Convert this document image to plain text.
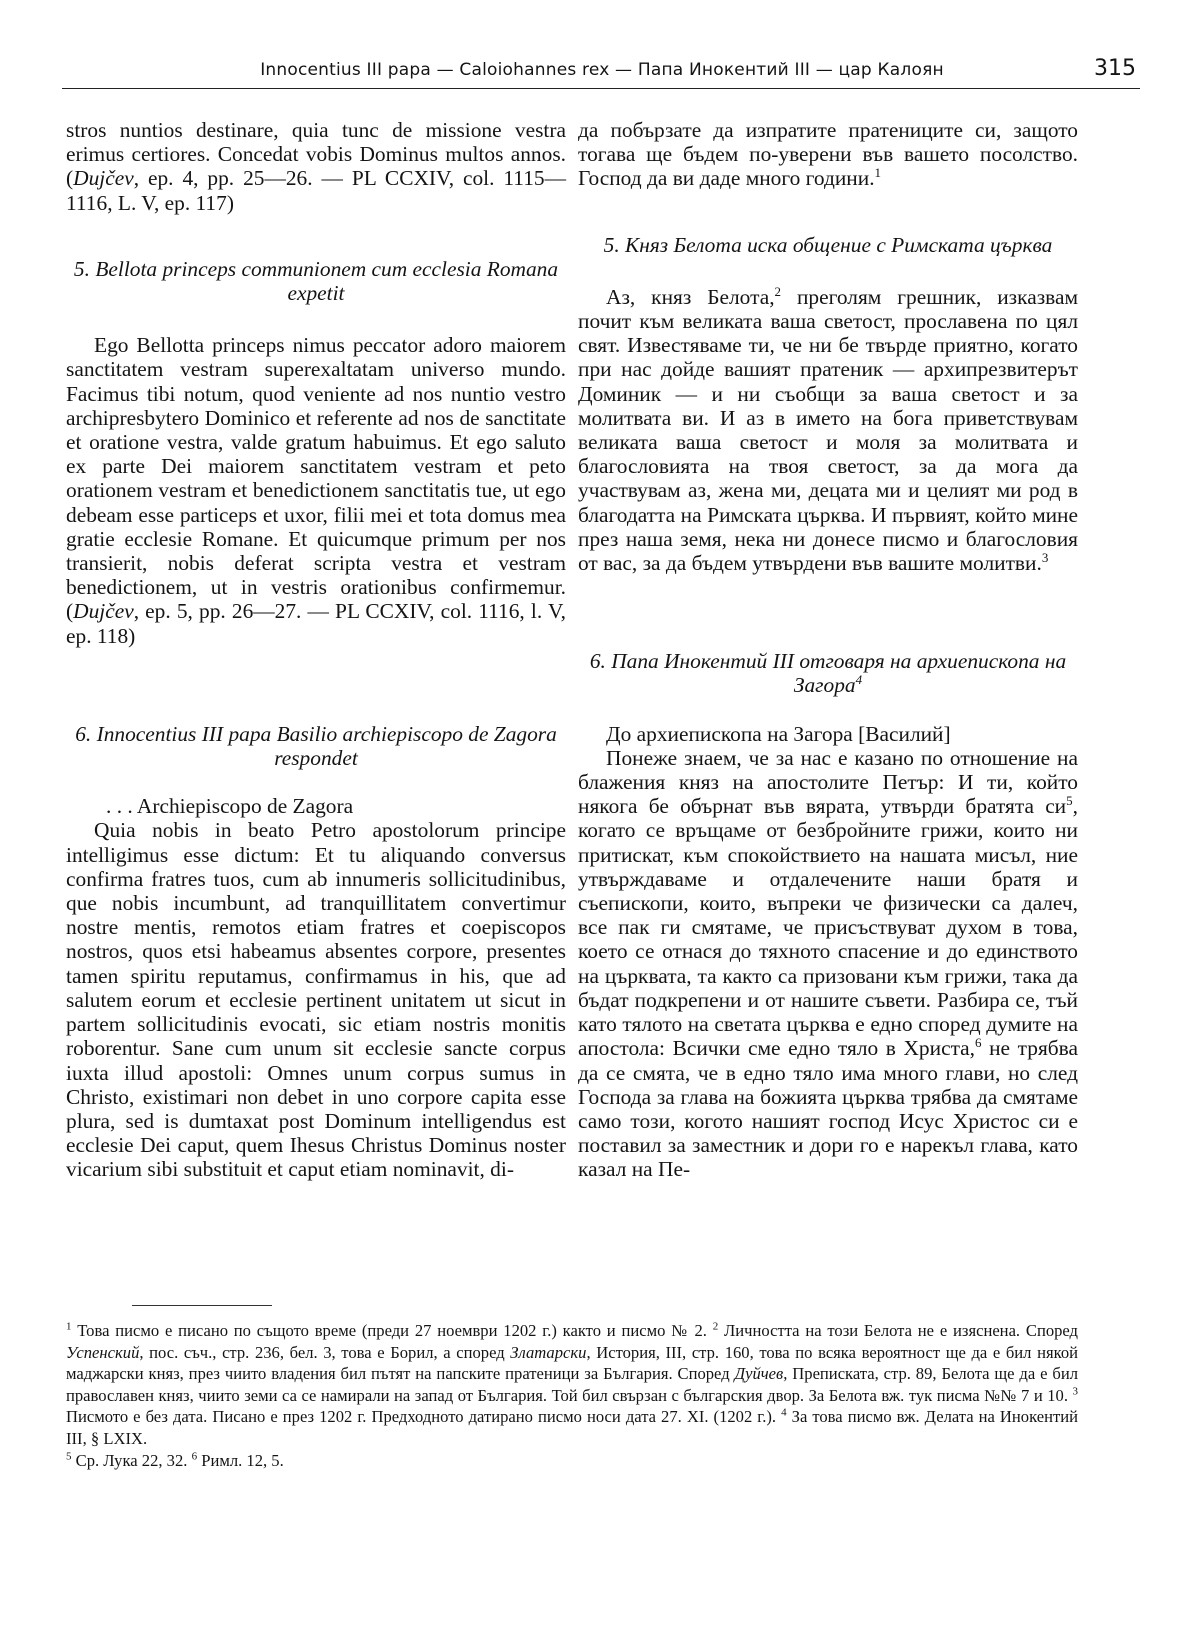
Innocentius III papa — Caloiohannes rex — Папа Инокентий III — цар Калоян	315

stros nuntios destinare, quia tunc de missione vestra erimus certiores. Concedat vobis Dominus multos annos. (Dujčev, ep. 4, pp. 25—26. — PL CCXIV, col. 1115—1116, L. V, ep. 117)

5. Bellota princeps communionem cum ecclesia Romana expetit

Ego Bellotta princeps nimus peccator adoro maiorem sanctitatem vestram superexaltatam universo mundo. Facimus tibi notum, quod veniente ad nos nuntio vestro archipresbytero Dominico et referente ad nos de sanctitate et oratione vestra, valde gratum habuimus. Et ego saluto ex parte Dei maiorem sanctitatem vestram et peto orationem vestram et benedictionem sanctitatis tue, ut ego debeam esse particeps et uxor, filii mei et tota domus mea gratie ecclesie Romane. Et quicumque primum per nos transierit, nobis deferat scripta vestra et vestram benedictionem, ut in vestris orationibus confirmemur. (Dujčev, ep. 5, pp. 26—27. — PL CCXIV, col. 1116, l. V, ep. 118)

6. Innocentius III papa Basilio archiepiscopo de Zagora respondet

. . . Archiepiscopo de Zagora

Quia nobis in beato Petro apostolorum principe intelligimus esse dictum: Et tu aliquando conversus confirma fratres tuos, cum ab innumeris sollicitudinibus, que nobis incumbunt, ad tranquillitatem convertimur nostre mentis, remotos etiam fratres et coepiscopos nostros, quos etsi habeamus absentes corpore, presentes tamen spiritu reputamus, confirmamus in his, que ad salutem eorum et ecclesie pertinent unitatem ut sicut in partem sollicitudinis evocati, sic etiam nostris monitis roborentur. Sane cum unum sit ecclesie sancte corpus iuxta illud apostoli: Omnes unum corpus sumus in Christo, existimari non debet in uno corpore capita esse plura, sed is dumtaxat post Dominum intelligendus est ecclesie Dei caput, quem Ihesus Christus Dominus noster vicarium sibi substituit et caput etiam nominavit, di-

да побързате да изпратите пратениците си, защото тогава ще бъдем по-уверени във вашето посолство. Господ да ви даде много години.$^1$

5. Княз Белота иска общение с Римската църква

Аз, княз Белота,$^2$ преголям грешник, изказвам почит към великата ваша светост, прославена по цял свят. Известяваме ти, че ни бе твърде приятно, когато при нас дойде вашият пратеник — архипрезвитерът Доминик — и ни съобщи за ваша светост и за молитвата ви. И аз в името на бога приветствувам великата ваша светост и моля за молитвата и благословията на твоя светост, за да мога да участвувам аз, жена ми, децата ми и целият ми род в благодатта на Римската църква. И първият, който мине през наша земя, нека ни донесе писмо и благословия от вас, за да бъдем утвърдени във вашите молитви.$^3$

6. Папа Инокентий III отговаря на архиепископа на Загора$^4$

До архиепископа на Загора [Василий]

Понеже знаем, че за нас е казано по отношение на блажения княз на апостолите Петър: И ти, който някога бе обърнат във вярата, утвърди братята $си^5$, когато се връщаме от безбройните грижи, които ни притискат, към спокойствието на нашата мисъл, ние утвърждаваме и отдалечените наши братя и съепископи, които, въпреки че физически са далеч, все пак ги смятаме, че присъствуват духом в това, което се отнася до тяхното спасение и до единството на църквата, та както са призовани към грижи, така да бъдат подкрепени и от нашите съвети. Разбира се, тъй като тялото на светата църква е едно според думите на апостола: Всички сме едно тяло в Христа,$^6$ не трябва да се смята, че в едно тяло има много глави, но след Господа за глава на божията църква трябва да смятаме само този, когото нашият господ Исус Христос си е поставил за заместник и дори го е нарекъл глава, като казал на Пе-

$^1$ Това писмо е писано по същото време (преди 27 ноември 1202 г.) както и писмо № 2. $^2$ Личността на този Белота не е изяснена. Според Успенский, пос. съч., стр. 236, бел. 3, това е Борил, а според Златарски, История, III, стр. 160, това по всяка вероятност ще да е бил някой маджарски княз, през чиито владения бил пътят на папските пратеници за България. Според Дуйчев, Преписката, стр. 89, Белота ще да е бил православен княз, чиито земи са се намирали на запад от България. Той бил свързан с българския двор. За Белота вж. тук писма №№ 7 и 10. $^3$ Писмото е без дата. Писано е през 1202 г. Предходното датирано писмо носи дата 27. XI. (1202 г.). $^4$ За това писмо вж. Делата на Инокентий III, § LXIX.

$^5$ Ср. Лука 22, 32. $^6$ Римл. 12, 5.
